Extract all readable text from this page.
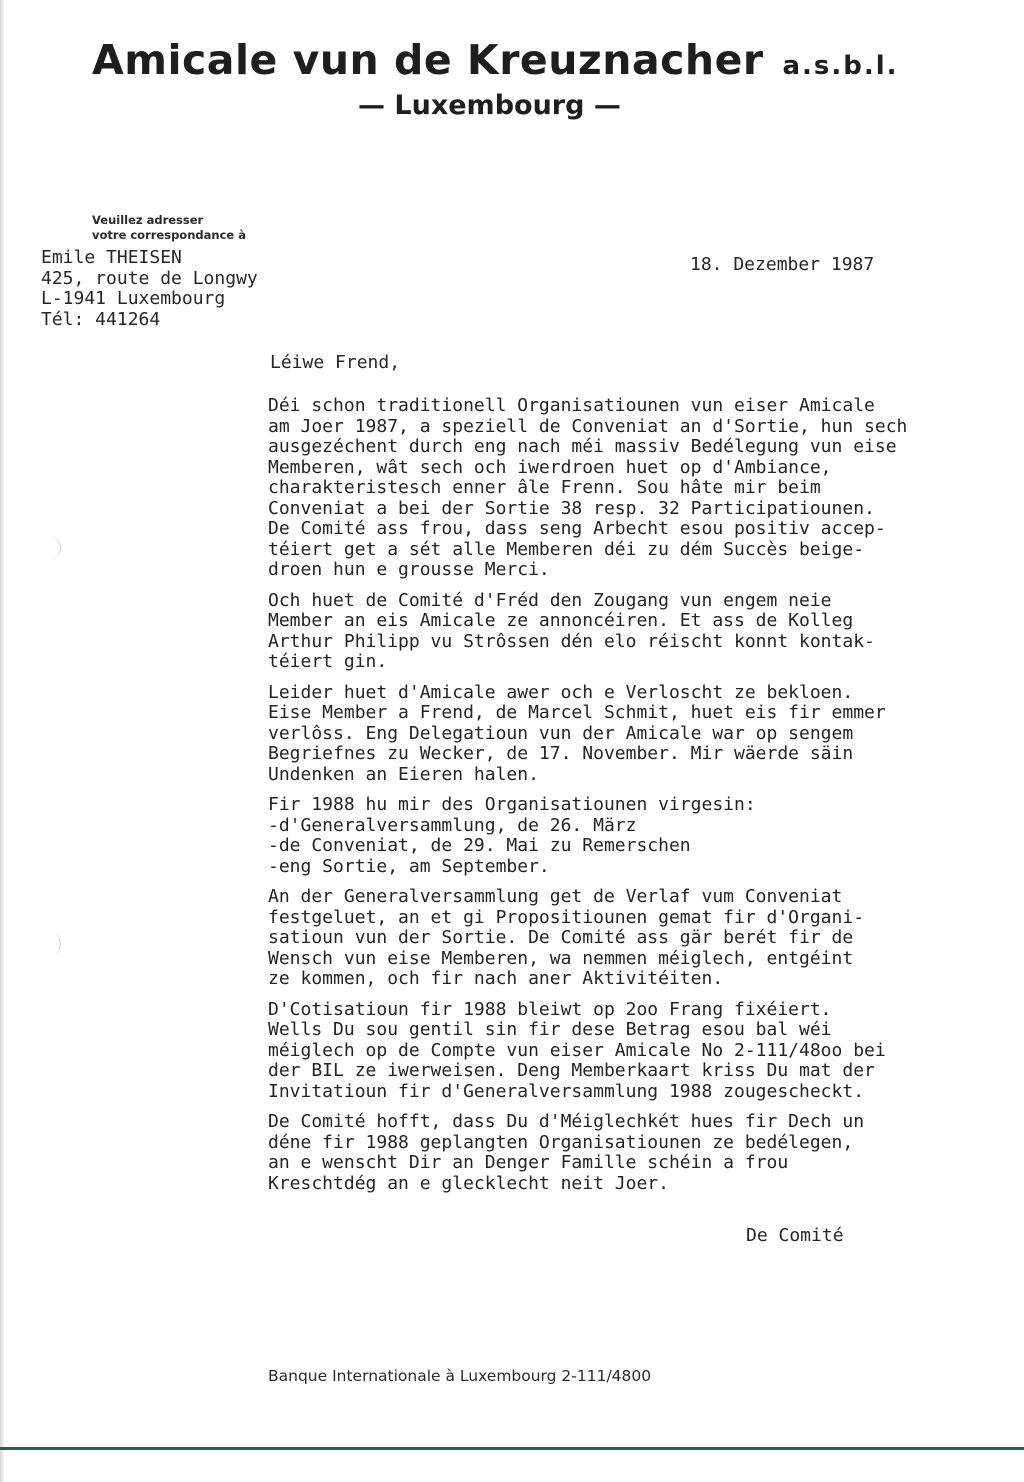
Amicale vun de Kreuznacher a.s.b.l.
— Luxembourg —
Veuillez adresser
votre correspondance à
Emile THEISEN
425, route de Longwy
L-1941 Luxembourg
Tél: 441264
18. Dezember 1987
Léiwe Frend,
Déi schon traditionell Organisatiounen vun eiser Amicale
am Joer 1987, a speziell de Conveniat an d'Sortie, hun sech
ausgezéchent durch eng nach méi massiv Bedélegung vun eise
Memberen, wât sech och iwerdroen huet op d'Ambiance,
charakteristesch enner âle Frenn. Sou hâte mir beim
Conveniat a bei der Sortie 38 resp. 32 Participatiounen.
De Comité ass frou, dass seng Arbecht esou positiv accep-
téiert get a sét alle Memberen déi zu dém Succès beige-
droen hun e grousse Merci.
Och huet de Comité d'Fréd den Zougang vun engem neie
Member an eis Amicale ze annoncéiren. Et ass de Kolleg
Arthur Philipp vu Strôssen dén elo réischt konnt kontak-
téiert gin.
Leider huet d'Amicale awer och e Verloscht ze bekloen.
Eise Member a Frend, de Marcel Schmit, huet eis fir emmer
verlôss. Eng Delegatioun vun der Amicale war op sengem
Begriefnes zu Wecker, de 17. November. Mir wäerde säin
Undenken an Eieren halen.
Fir 1988 hu mir des Organisatiounen virgesin:
-d'Generalversammlung, de 26. März
-de Conveniat, de 29. Mai zu Remerschen
-eng Sortie, am September.
An der Generalversammlung get de Verlaf vum Conveniat
festgeluet, an et gi Propositiounen gemat fir d'Organi-
satioun vun der Sortie. De Comité ass gär berét fir de
Wensch vun eise Memberen, wa nemmen méiglech, entgéint
ze kommen, och fir nach aner Aktivitéiten.
D'Cotisatioun fir 1988 bleiwt op 2oo Frang fixéiert.
Wells Du sou gentil sin fir dese Betrag esou bal wéi
méiglech op de Compte vun eiser Amicale No 2-111/48oo bei
der BIL ze iwerweisen. Deng Memberkaart kriss Du mat der
Invitatioun fir d'Generalversammlung 1988 zougescheckt.
De Comité hofft, dass Du d'Méiglechkét hues fir Dech un
déne fir 1988 geplangten Organisatiounen ze bedélegen,
an e wenscht Dir an Denger Famille schéin a frou
Kreschtdég an e glecklecht neit Joer.
De Comité
Banque Internationale à Luxembourg 2-111/4800
